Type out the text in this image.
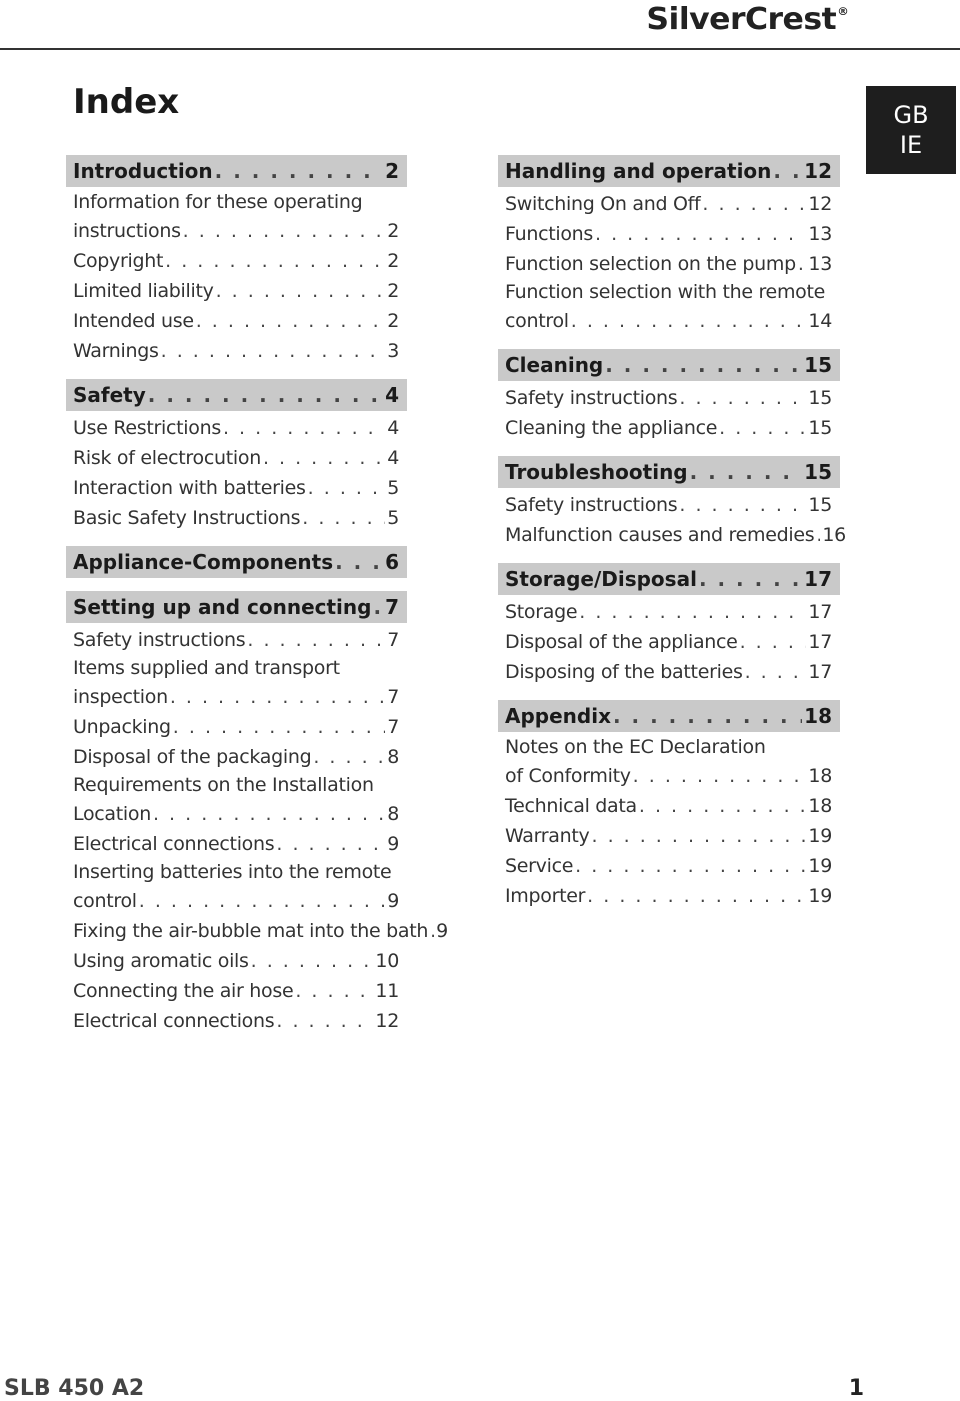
SilverCrest®
GB
IE
Index
Introduction . . .	2
Information for these operating
instructions . . .	2
Copyright . . .	2
Limited liability . . .	2
Intended use . . .	2
Warnings . . .	3
Safety . . .	4
Use Restrictions . . .	4
Risk of electrocution . . .	4
Interaction with batteries . . .	5
Basic Safety Instructions . . .	5
Appliance-Components . . .	6
Setting up and connecting . . . 7
Safety instructions . . .	7
Items supplied and transport
inspection . . .	7
Unpacking . . .	7
Disposal of the packaging . . .	8
Requirements on the Installation
Location . . .	8
Electrical connections . . .	9
Inserting batteries into the remote
control . . .	9
Fixing the air-bubble mat into the bath . . . 9
Using aromatic oils . . .	10
Connecting the air hose . . .	11
Electrical connections . . .	12
Handling and operation . . . 12
Switching On and Off . . .	12
Functions . . .	13
Function selection on the pump . . . 13
Function selection with the remote
control . . .	14
Cleaning . . .	15
Safety instructions . . .	15
Cleaning the appliance . . .	15
Troubleshooting . . .	15
Safety instructions . . .	15
Malfunction causes and remedies . . . 16
Storage/Disposal . . .	17
Storage . . .	17
Disposal of the appliance . . .	17
Disposing of the batteries . . .	17
Appendix . . .	18
Notes on the EC Declaration
of Conformity . . .	18
Technical data . . .	18
Warranty . . .	19
Service . . .	19
Importer . . .	19
SLB 450 A2	1
